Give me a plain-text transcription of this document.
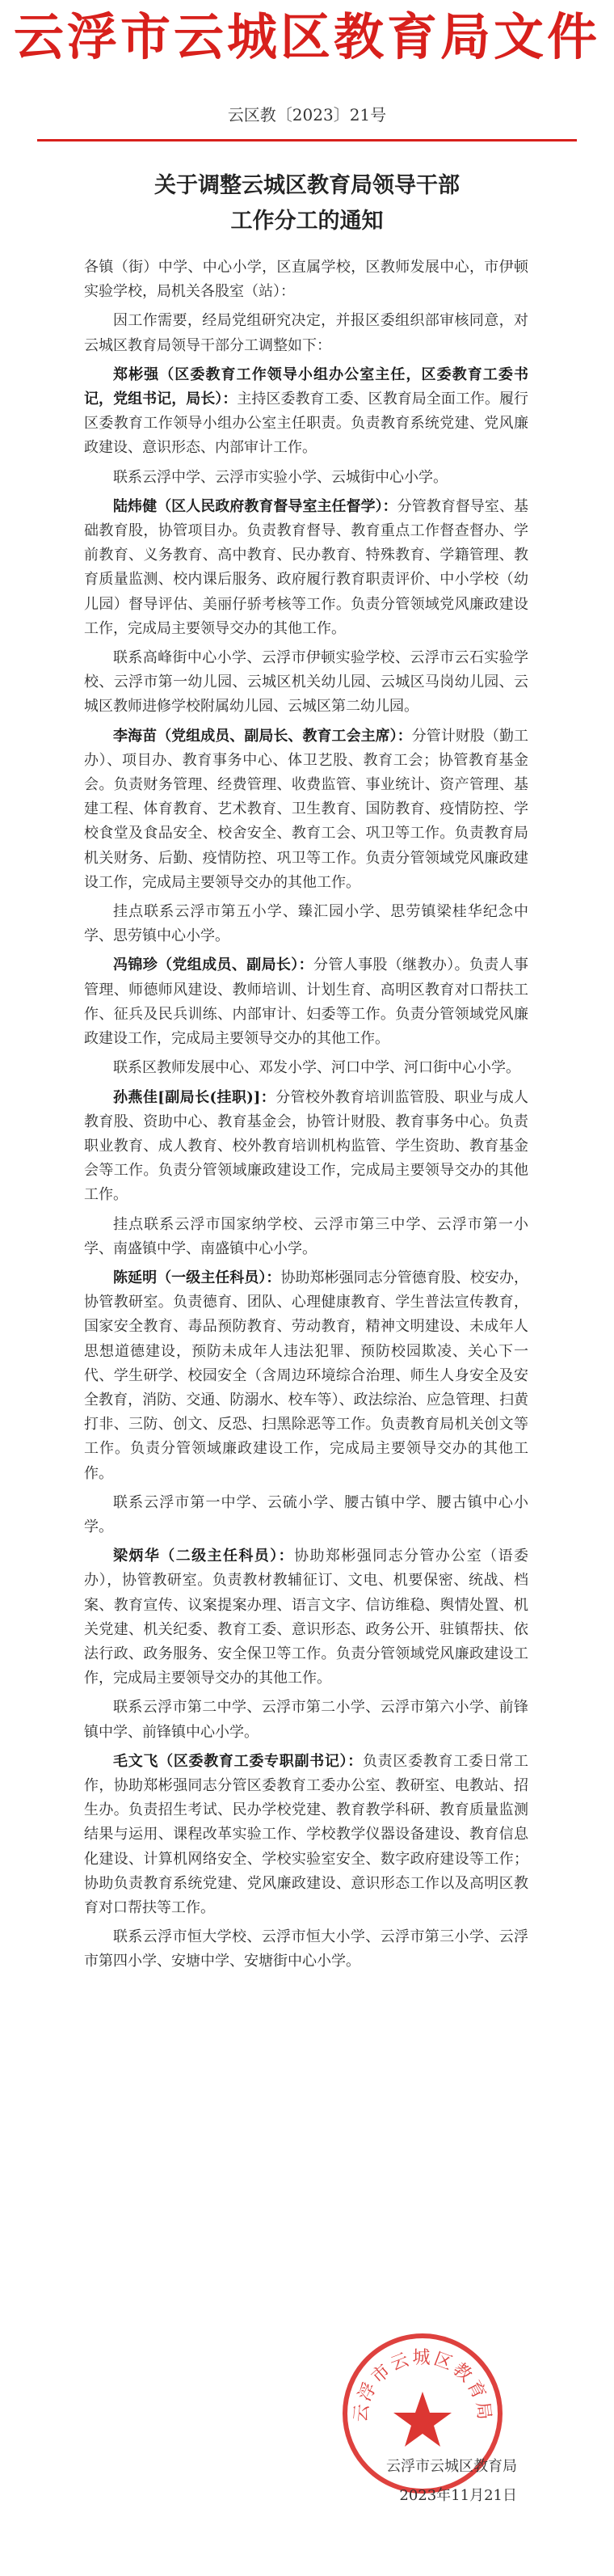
云浮市云城区教育局文件
云区教〔2023〕21号
关于调整云城区教育局领导干部
工作分工的通知

各镇（街）中学、中心小学，区直属学校，区教师发展中心，市伊顿实验学校，局机关各股室（站）：

因工作需要，经局党组研究决定，并报区委组织部审核同意，对云城区教育局领导干部分工调整如下：

郑彬强（区委教育工作领导小组办公室主任，区委教育工委书记，党组书记，局长）：主持区委教育工委、区教育局全面工作。履行区委教育工作领导小组办公室主任职责。负责教育系统党建、党风廉政建设、意识形态、内部审计工作。

联系云浮中学、云浮市实验小学、云城街中心小学。

陆炜健（区人民政府教育督导室主任督学）：分管教育督导室、基础教育股，协管项目办。负责教育督导、教育重点工作督查督办、学前教育、义务教育、高中教育、民办教育、特殊教育、学籍管理、教育质量监测、校内课后服务、政府履行教育职责评价、中小学校（幼儿园）督导评估、美丽仔骄考核等工作。负责分管领域党风廉政建设工作，完成局主要领导交办的其他工作。

联系高峰街中心小学、云浮市伊顿实验学校、云浮市云石实验学校、云浮市第一幼儿园、云城区机关幼儿园、云城区马岗幼儿园、云城区教师进修学校附属幼儿园、云城区第二幼儿园。

李海苗（党组成员、副局长、教育工会主席）：分管计财股（勤工办）、项目办、教育事务中心、体卫艺股、教育工会；协管教育基金会。负责财务管理、经费管理、收费监管、事业统计、资产管理、基建工程、体育教育、艺术教育、卫生教育、国防教育、疫情防控、学校食堂及食品安全、校舍安全、教育工会、巩卫等工作。负责教育局机关财务、后勤、疫情防控、巩卫等工作。负责分管领域党风廉政建设工作，完成局主要领导交办的其他工作。

挂点联系云浮市第五小学、臻汇园小学、思劳镇梁桂华纪念中学、思劳镇中心小学。

冯锦珍（党组成员、副局长）：分管人事股（继教办）。负责人事管理、师德师风建设、教师培训、计划生育、高明区教育对口帮扶工作、征兵及民兵训练、内部审计、妇委等工作。负责分管领域党风廉政建设工作，完成局主要领导交办的其他工作。

联系区教师发展中心、邓发小学、河口中学、河口街中心小学。

孙燕佳[副局长(挂职)]：分管校外教育培训监管股、职业与成人教育股、资助中心、教育基金会，协管计财股、教育事务中心。负责职业教育、成人教育、校外教育培训机构监管、学生资助、教育基金会等工作。负责分管领域廉政建设工作，完成局主要领导交办的其他工作。

挂点联系云浮市国家纳学校、云浮市第三中学、云浮市第一小学、南盛镇中学、南盛镇中心小学。

陈延明（一级主任科员）：协助郑彬强同志分管德育股、校安办，协管教研室。负责德育、团队、心理健康教育、学生普法宣传教育，国家安全教育、毒品预防教育、劳动教育，精神文明建设、未成年人思想道德建设，预防未成年人违法犯罪、预防校园欺凌、关心下一代、学生研学、校园安全（含周边环境综合治理、师生人身安全及安全教育，消防、交通、防溺水、校车等）、政法综治、应急管理、扫黄打非、三防、创文、反恐、扫黑除恶等工作。负责教育局机关创文等工作。负责分管领域廉政建设工作，完成局主要领导交办的其他工作。

联系云浮市第一中学、云硫小学、腰古镇中学、腰古镇中心小学。

梁炳华（二级主任科员）：协助郑彬强同志分管办公室（语委办），协管教研室。负责教材教辅征订、文电、机要保密、统战、档案、教育宣传、议案提案办理、语言文字、信访维稳、舆情处置、机关党建、机关纪委、教育工委、意识形态、政务公开、驻镇帮扶、依法行政、政务服务、安全保卫等工作。负责分管领域党风廉政建设工作，完成局主要领导交办的其他工作。

联系云浮市第二中学、云浮市第二小学、云浮市第六小学、前锋镇中学、前锋镇中心小学。

毛文飞（区委教育工委专职副书记）：负责区委教育工委日常工作，协助郑彬强同志分管区委教育工委办公室、教研室、电教站、招生办。负责招生考试、民办学校党建、教育教学科研、教育质量监测结果与运用、课程改革实验工作、学校教学仪器设备建设、教育信息化建设、计算机网络安全、学校实验室安全、数字政府建设等工作；协助负责教育系统党建、党风廉政建设、意识形态工作以及高明区教育对口帮扶等工作。

联系云浮市恒大学校、云浮市恒大小学、云浮市第三小学、云浮市第四小学、安塘中学、安塘街中心小学。

云浮市云城区教育局
云浮市云城区教育局
2023年11月21日
